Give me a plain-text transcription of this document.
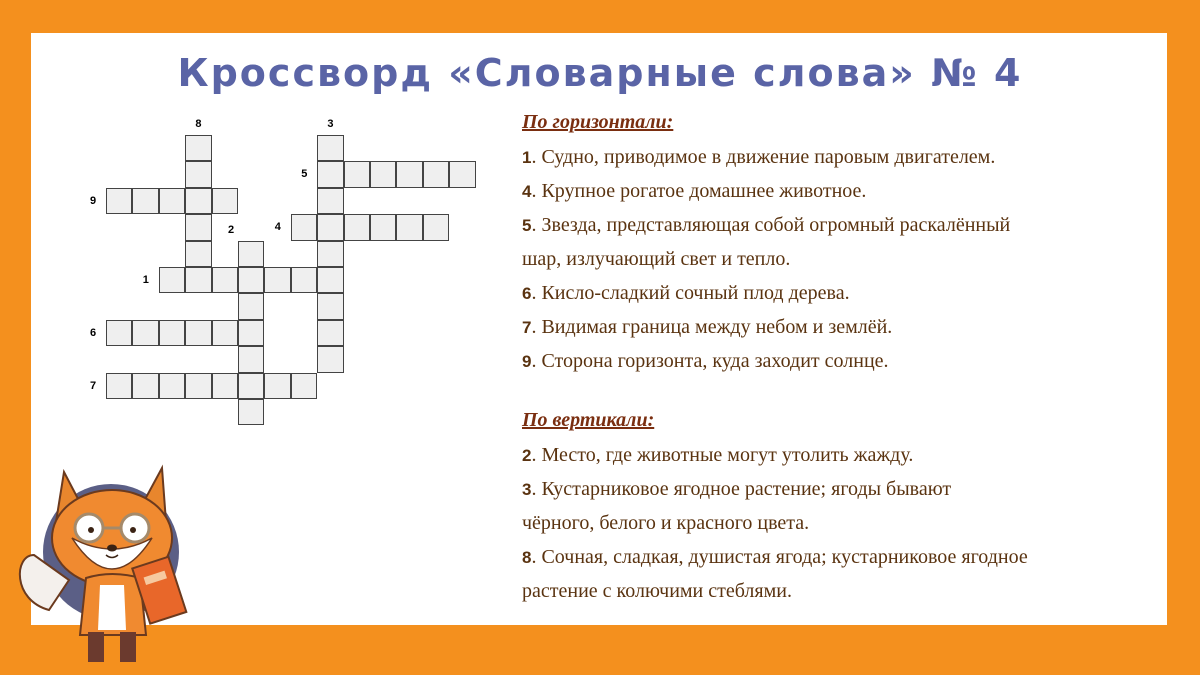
Кроссворд «Словарные слова» № 4
8	3
5
9
4
2
1
6
7
По горизонтали:
1. Судно, приводимое в движение паровым двигателем.
4. Крупное рогатое домашнее животное.
5. Звезда, представляющая собой огромный раскалённый
шар, излучающий свет и тепло.
6. Кисло-сладкий сочный плод дерева.
7. Видимая граница между небом и землёй.
9. Сторона горизонта, куда заходит солнце.
По вертикали:
2. Место, где животные могут утолить жажду.
3. Кустарниковое ягодное растение; ягоды бывают
чёрного, белого и красного цвета.
8. Сочная, сладкая, душистая ягода; кустарниковое ягодное
растение с колючими стеблями.
